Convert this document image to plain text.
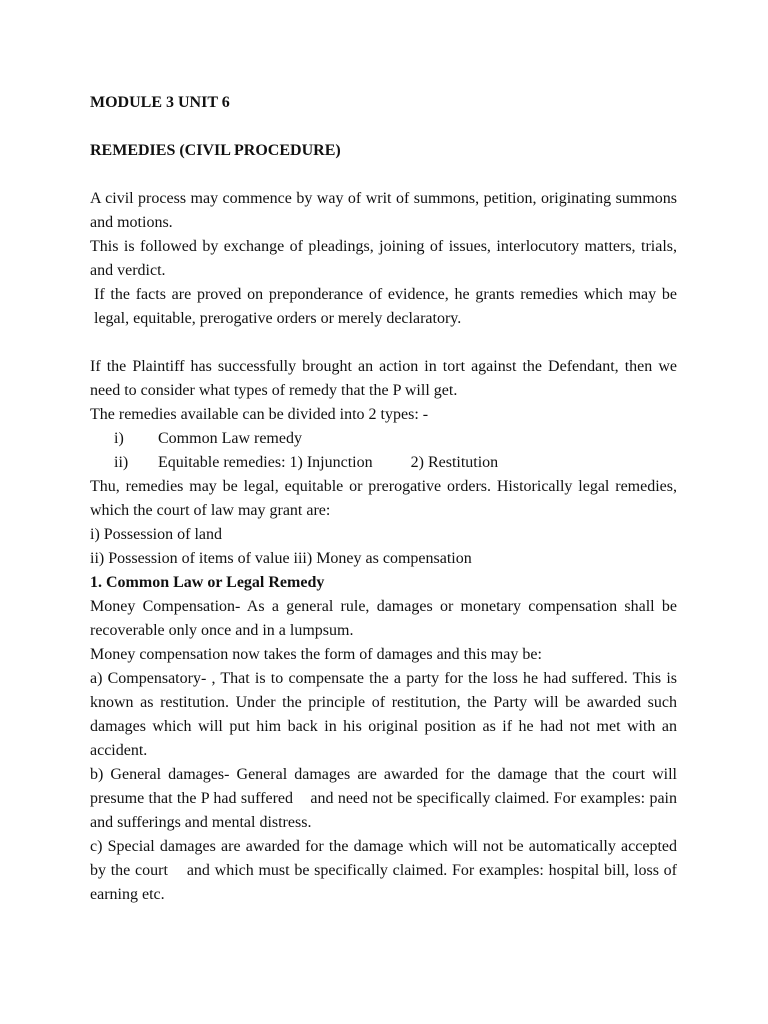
MODULE 3 UNIT 6

REMEDIES (CIVIL PROCEDURE)

A civil process may commence by way of writ of summons, petition, originating summons and motions.

This is followed by exchange of pleadings, joining of issues, interlocutory matters, trials, and verdict.

If the facts are proved on preponderance of evidence, he grants remedies which may be legal, equitable, prerogative orders or merely declaratory.

If the Plaintiff has successfully brought an action in tort against the Defendant, then we need to consider what types of remedy that the P will get.

The remedies available can be divided into 2 types: -

i)	Common Law remedy
ii)	Equitable remedies: 1) Injunction 2) Restitution

Thu, remedies may be legal, equitable or prerogative orders. Historically legal remedies, which the court of law may grant are:

i) Possession of land

ii) Possession of items of value iii) Money as compensation

1. Common Law or Legal Remedy

Money Compensation- As a general rule, damages or monetary compensation shall be recoverable only once and in a lumpsum.

Money compensation now takes the form of damages and this may be:

a) Compensatory- , That is to compensate the a party for the loss he had suffered. This is known as restitution. Under the principle of restitution, the Party will be awarded such damages which will put him back in his original position as if he had not met with an accident.

b) General damages- General damages are awarded for the damage that the court will presume that the P had suffered    and need not be specifically claimed. For examples: pain and sufferings and mental distress.

c) Special damages are awarded for the damage which will not be automatically accepted by the court    and which must be specifically claimed. For examples: hospital bill, loss of earning etc.
